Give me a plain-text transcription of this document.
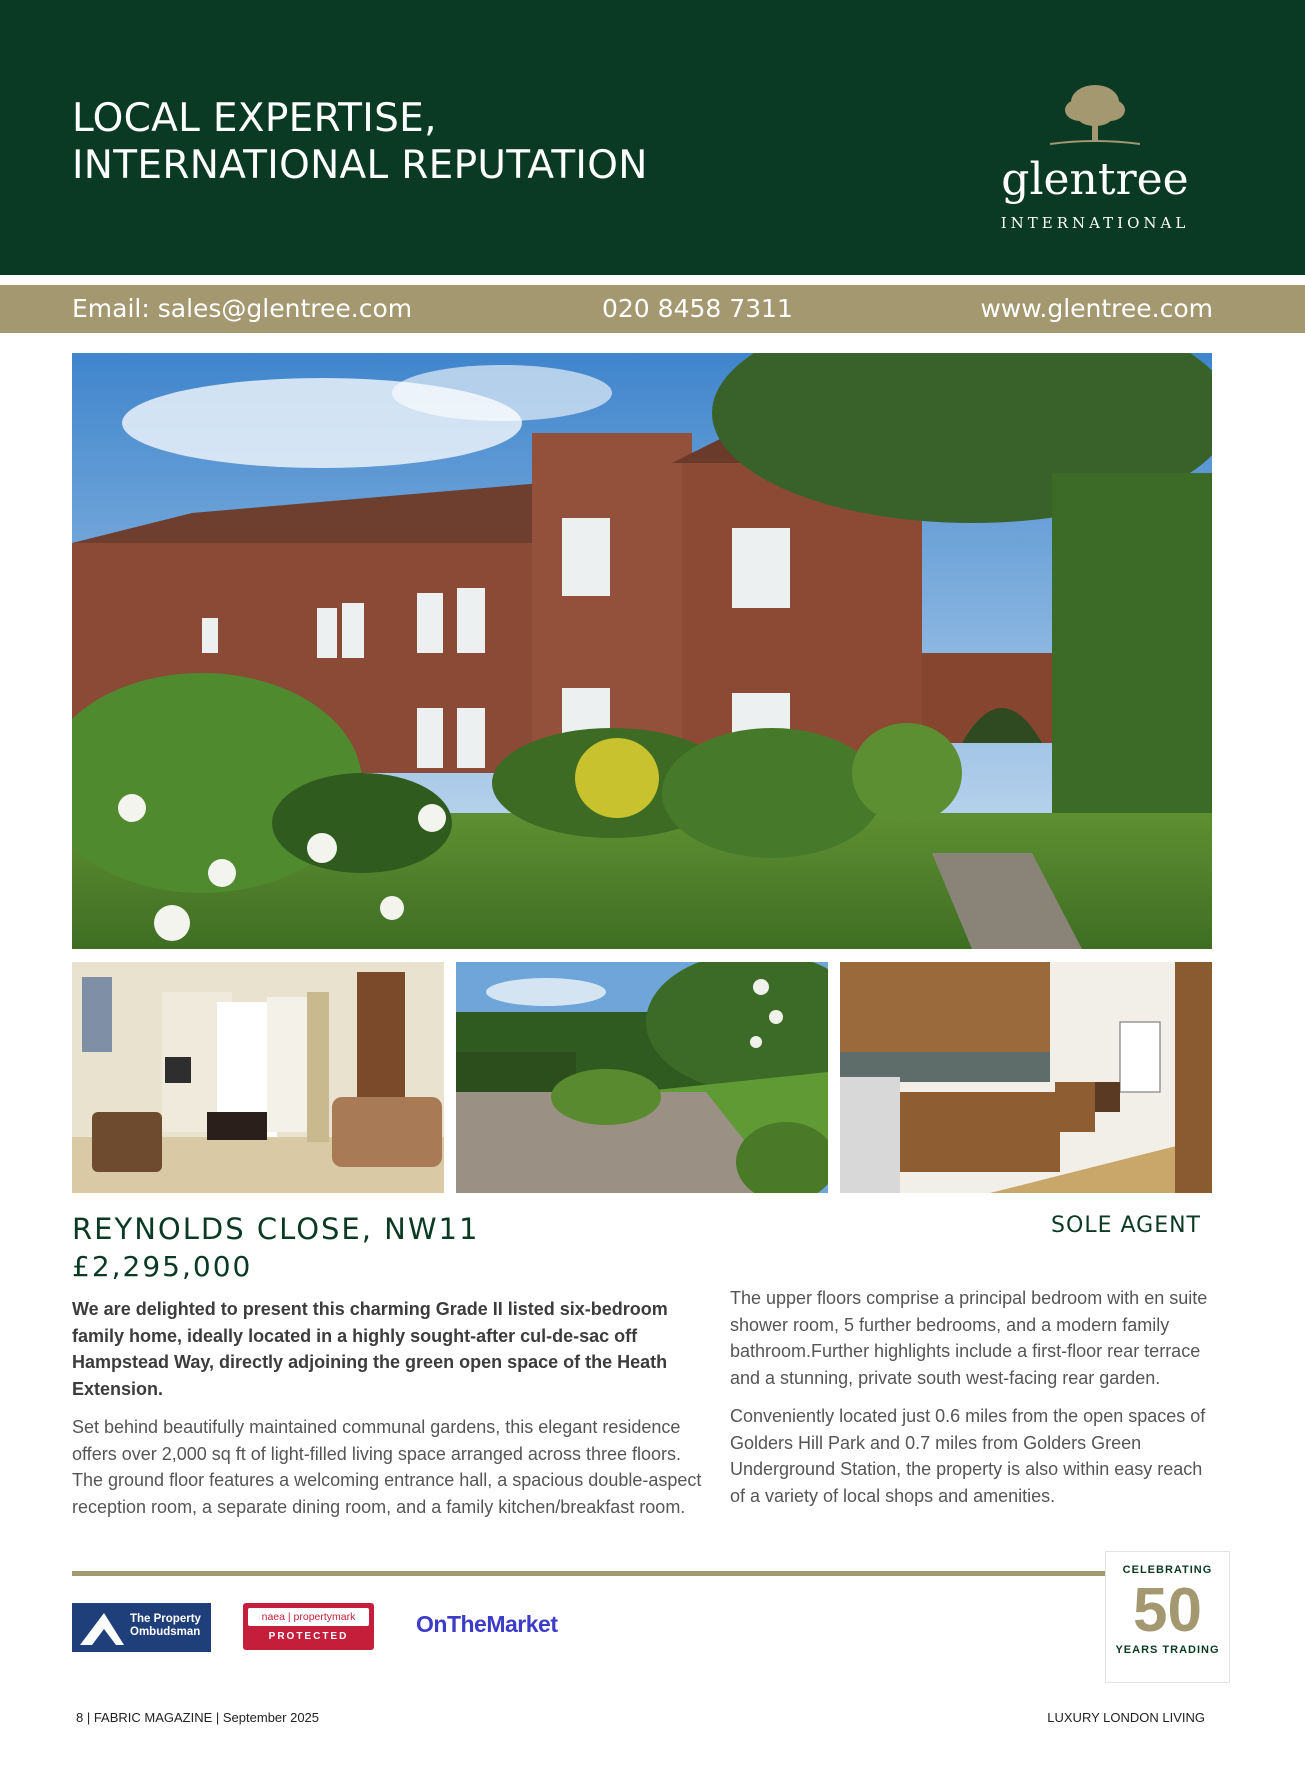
LOCAL EXPERTISE,
INTERNATIONAL REPUTATION	glentree
INTERNATIONAL
Email: sales@glentree.com	020 8458 7311	www.glentree.com
REYNOLDS CLOSE, NW11
£2,295,000
SOLE AGENT

We are delighted to present this charming Grade II listed six-bedroom family home, ideally located in a highly sought-after cul-de-sac off Hampstead Way, directly adjoining the green open space of the Heath Extension.

Set behind beautifully maintained communal gardens, this elegant residence offers over 2,000 sq ft of light-filled living space arranged across three floors. The ground floor features a welcoming entrance hall, a spacious double-aspect reception room, a separate dining room, and a family kitchen/breakfast room.

The upper floors comprise a principal bedroom with en suite shower room, 5 further bedrooms, and a modern family bathroom.Further highlights include a first-floor rear terrace and a stunning, private south west-facing rear garden.

Conveniently located just 0.6 miles from the open spaces of Golders Hill Park and 0.7 miles from Golders Green Underground Station, the property is also within easy reach of a variety of local shops and amenities.

CELEBRATING
50
YEARS TRADING
The Property
Ombudsman
naea | propertymark
PROTECTED	OnTheMarket
8 | FABRIC MAGAZINE | September 2025	LUXURY LONDON LIVING
